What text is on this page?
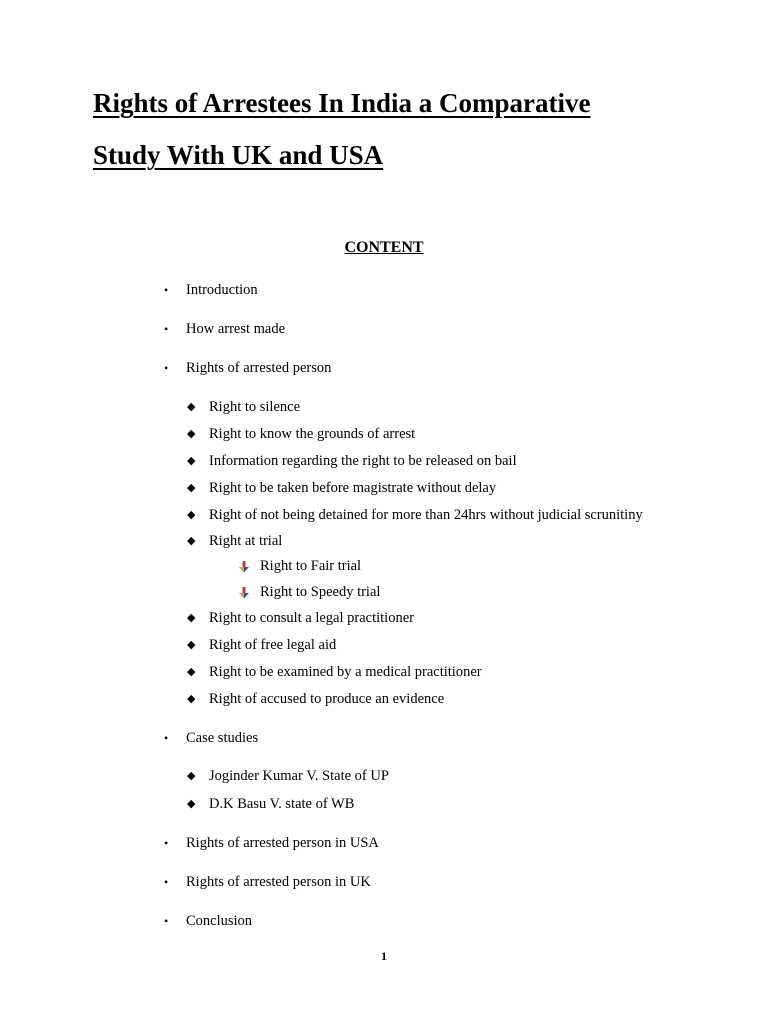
Rights of Arrestees In India a Comparative
Study With UK and USA
CONTENT
• Introduction
• How arrest made
• Rights of arrested person
◆ Right to silence
◆ Right to know the grounds of arrest
◆ Information regarding the right to be released on bail
◆ Right to be taken before magistrate without delay
◆ Right of not being detained for more than 24hrs without judicial scrunitiny
◆ Right at trial
Right to Fair trial
Right to Speedy trial
◆ Right to consult a legal practitioner
◆ Right of free legal aid
◆ Right to be examined by a medical practitioner
◆ Right of accused to produce an evidence
• Case studies
◆ Joginder Kumar V. State of UP
◆ D.K Basu V. state of WB
• Rights of arrested person in USA
• Rights of arrested person in UK
• Conclusion
1
